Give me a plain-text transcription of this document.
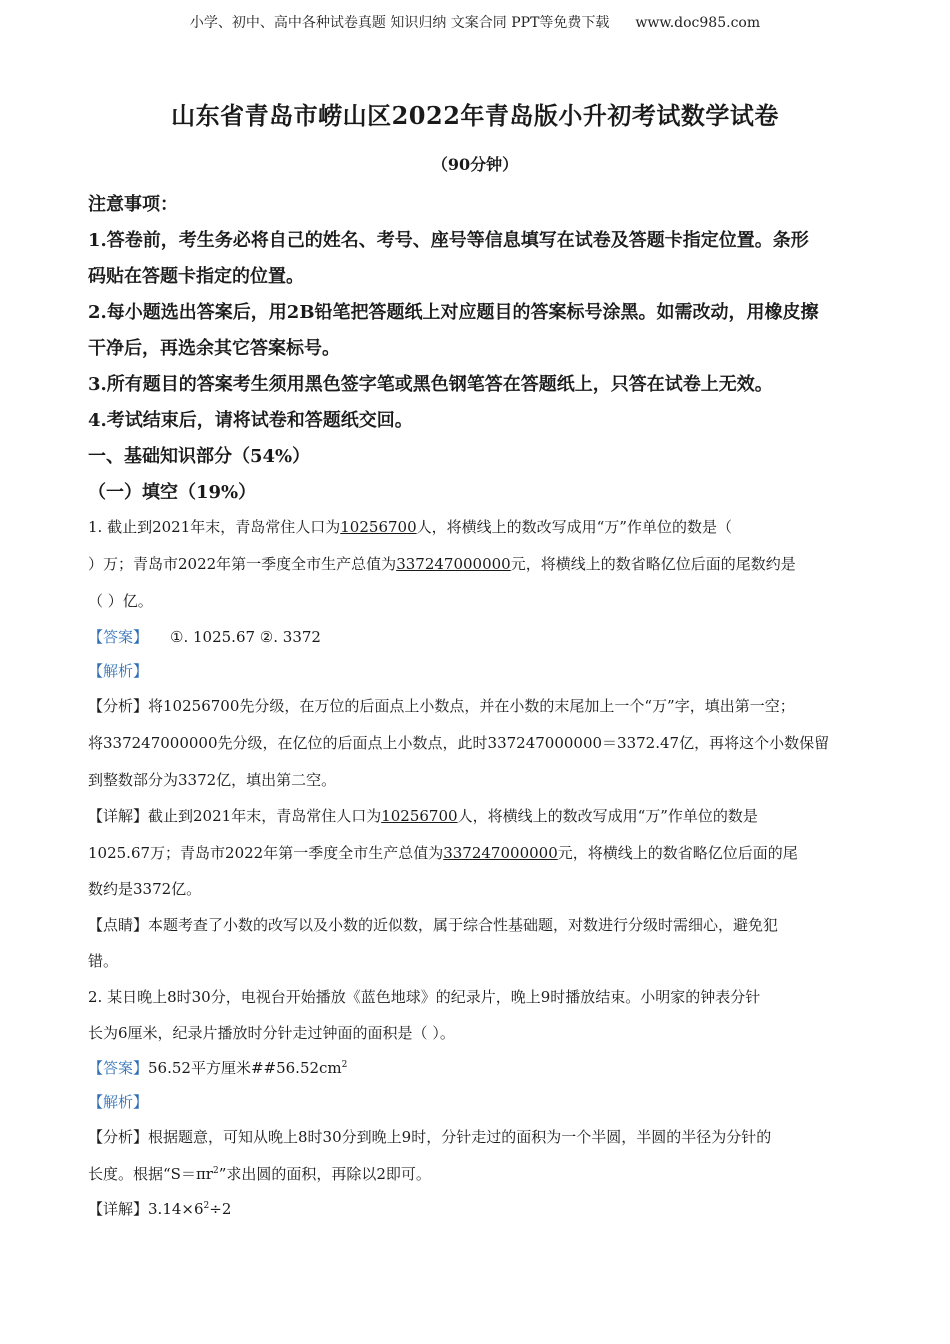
小学、初中、高中各种试卷真题 知识归纳 文案合同 PPT等免费下载 www.doc985.com
山东省青岛市崂山区2022年青岛版小升初考试数学试卷
（90分钟）
注意事项：
1.答卷前，考生务必将自己的姓名、考号、座号等信息填写在试卷及答题卡指定位置。条形
码贴在答题卡指定的位置。
2.每小题选出答案后，用2B铅笔把答题纸上对应题目的答案标号涂黑。如需改动，用橡皮擦
干净后，再选余其它答案标号。
3.所有题目的答案考生须用黑色签字笔或黑色钢笔答在答题纸上，只答在试卷上无效。
4.考试结束后，请将试卷和答题纸交回。
一、基础知识部分（54%）
（一）填空（19%）
1. 截止到2021年末，青岛常住人口为10256700人，将横线上的数改写成用“万”作单位的数是（
）万；青岛市2022年第一季度全市生产总值为337247000000元，将横线上的数省略亿位后面的尾数约是
（ ）亿。
【答案】 ①. 1025.67 ②. 3372
【解析】
【分析】将10256700先分级，在万位的后面点上小数点，并在小数的末尾加上一个“万”字，填出第一空；
将337247000000先分级，在亿位的后面点上小数点，此时337247000000＝3372.47亿，再将这个小数保留
到整数部分为3372亿，填出第二空。
【详解】截止到2021年末，青岛常住人口为10256700人，将横线上的数改写成用“万”作单位的数是
1025.67万；青岛市2022年第一季度全市生产总值为337247000000元，将横线上的数省略亿位后面的尾
数约是3372亿。
【点睛】本题考查了小数的改写以及小数的近似数，属于综合性基础题，对数进行分级时需细心，避免犯
错。
2. 某日晚上8时30分，电视台开始播放《蓝色地球》的纪录片，晚上9时播放结束。小明家的钟表分针
长为6厘米，纪录片播放时分针走过钟面的面积是（ ）。
【答案】56.52平方厘米$\#\#56.52cm^2$
【解析】
【分析】根据题意，可知从晚上8时30分到晚上9时，分针走过的面积为一个半圆，半圆的半径为分针的
长度。根据“$S=\pi r^2$”求出圆的面积，再除以2即可。
【详解】$3.14\times 6^2\div 2$
